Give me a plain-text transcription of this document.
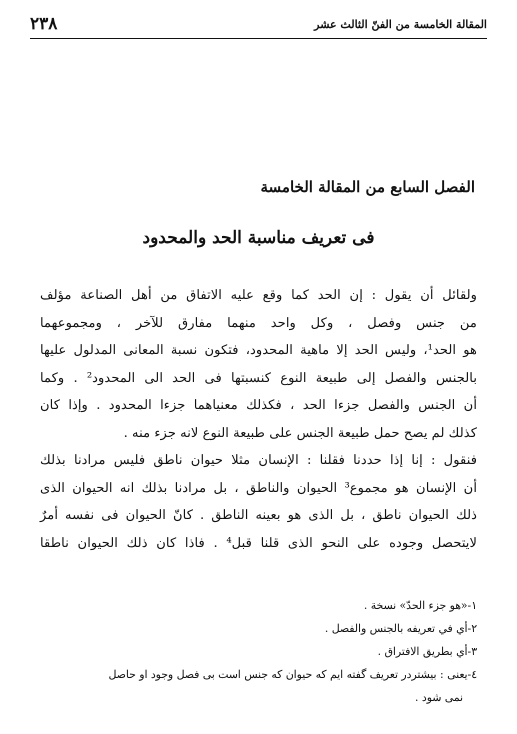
٢٣٨	المقالة الخامسة من الفنّ الثالث عشر
الفصل السابع من المقالة الخامسة
فى تعريف مناسبة الحد والمحدود
ولقائل أن يقول : إن الحد كما وقع عليه الاتفاق من أهل الصناعة مؤلف
من جنس وفصل ، وكل واحد منهما مفارق للآخر ، ومجموعهما
هو الحد¹، وليس الحد إلا ماهية المحدود، فتكون نسبة المعانى المدلول عليها
بالجنس والفصل إلى طبيعة النوع كنسبتها فى الحد الى المحدود² . وكما
أن الجنس والفصل جزءا الحد ، فكذلك معنياهما جزءا المحدود . وإذا كان
كذلك لم يصح حمل طبيعة الجنس على طبيعة النوع لانه جزء منه .
فنقول : إنا إذا حددنا فقلنا : الإنسان مثلا حيوان ناطق فليس مرادنا بذلك
أن الإنسان هو مجموع³ الحيوان والناطق ، بل مرادنا بذلك انه الحيوان الذى
ذلك الحيوان ناطق ، بل الذى هو بعينه الناطق . كانّ الحيوان فى نفسه أمرٌ
لايتحصل وجوده على النحو الذى قلنا قبل⁴ . فاذا كان ذلك الحيوان ناطقا
١-«هو جزء الحدّ» نسخة .
٢-أي في تعريفه بالجنس والفصل .
٣-أي بطريق الافتراق .
٤-يعنى : بيشتردر تعريف گفته ايم كه حيوان كه جنس است بى فصل وجود او حاصل
نمى شود .
